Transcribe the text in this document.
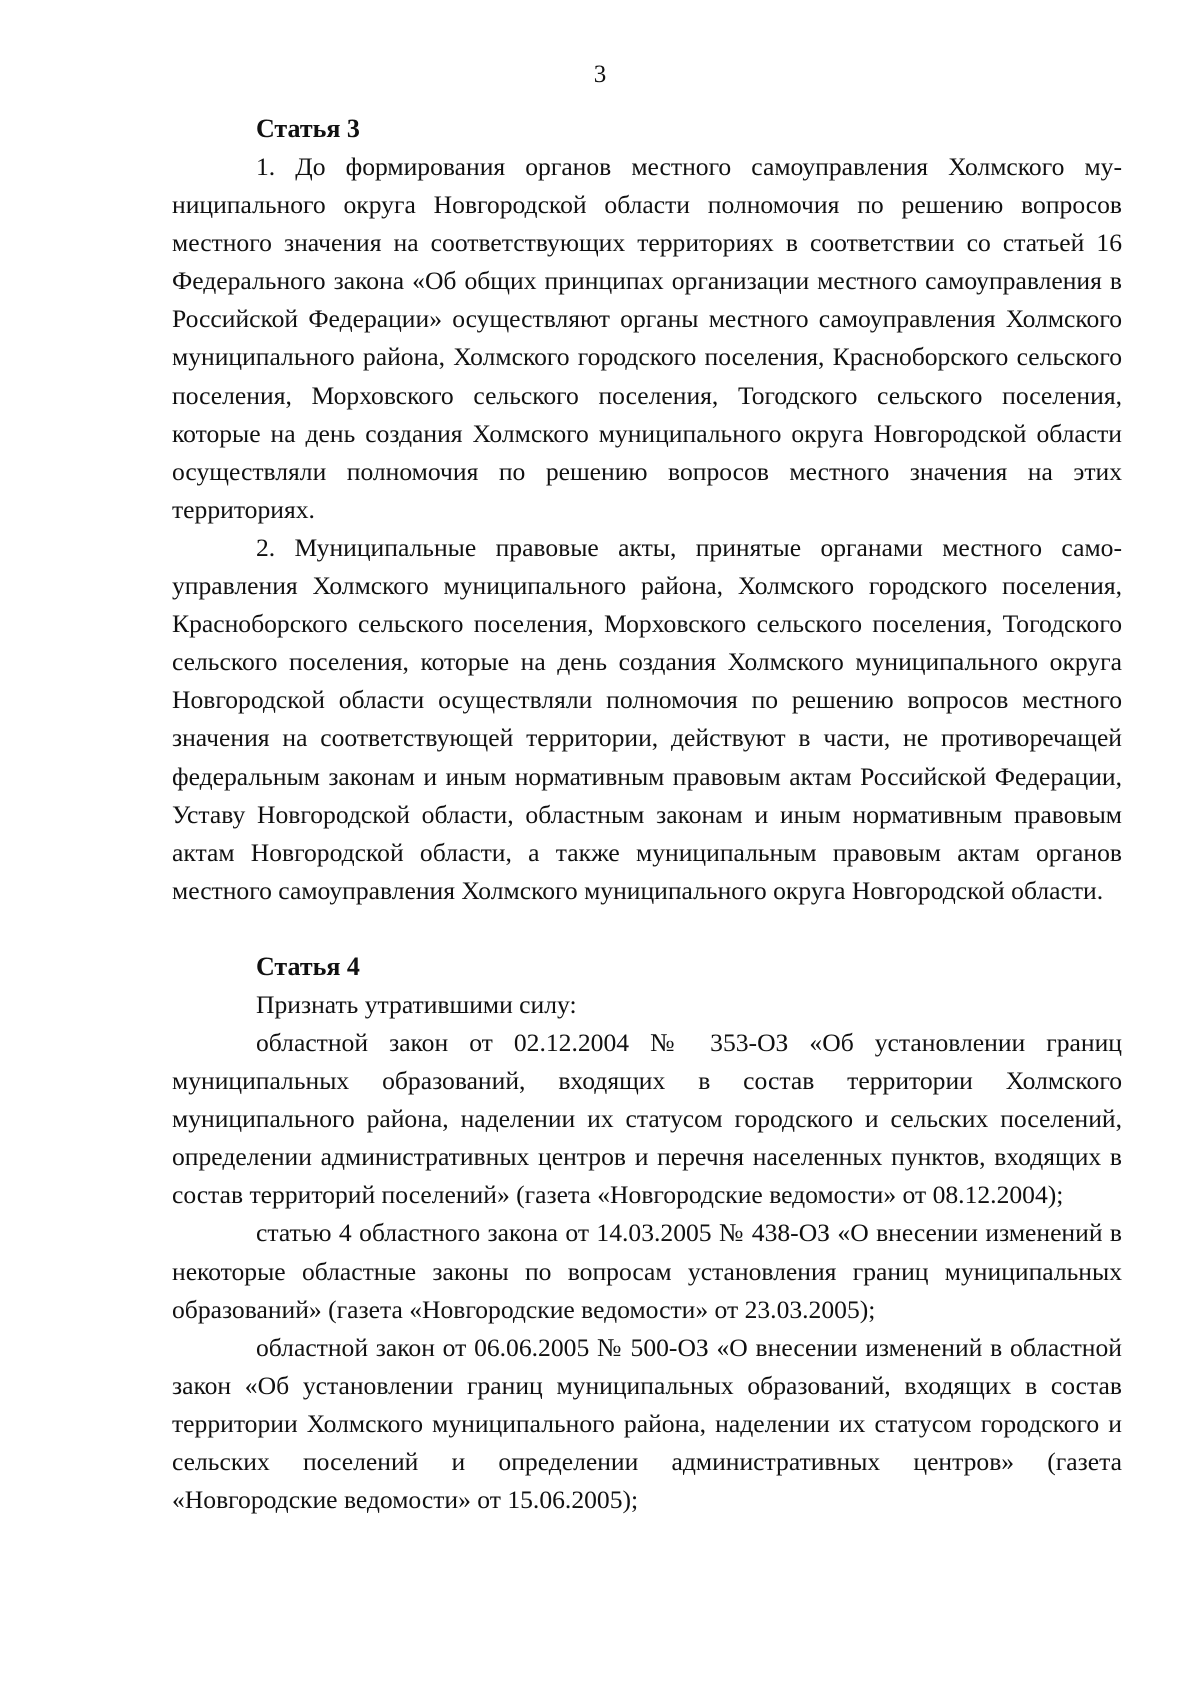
3
Статья 3

1. До формирования органов местного самоуправления Холмского муниципального округа Новгородской области полномочия по решению вопросов местного значения на соответствующих территориях в соответствии со статьей 16 Федерального закона «Об общих принципах организации местного самоуправления в Российской Федерации» осуществляют органы местного самоуправления Холмского муниципального района, Холмского городского поселения, Красноборского сельского поселения, Морховского сельского поселения, Тогодского сельского поселения, которые на день создания Холмского муниципального округа Новгородской области осуществляли полномочия по решению вопросов местного значения на этих территориях.

2. Муниципальные правовые акты, принятые органами местного самоуправления Холмского муниципального района, Холмского городского поселения, Красноборского сельского поселения, Морховского сельского поселения, Тогодского сельского поселения, которые на день создания Холмского муниципального округа Новгородской области осуществляли полномочия по решению вопросов местного значения на соответствующей территории, действуют в части, не противоречащей федеральным законам и иным нормативным правовым актам Российской Федерации, Уставу Новгородской области, областным законам и иным нормативным правовым актам Новгородской области, а также муниципальным правовым актам органов местного самоуправления Холмского муниципального округа Новгородской области.

Статья 4

Признать утратившими силу:

областной закон от 02.12.2004 № 353-ОЗ «Об установлении границ муниципальных образований, входящих в состав территории Холмского муниципального района, наделении их статусом городского и сельских поселений, определении административных центров и перечня населенных пунктов, входящих в состав территорий поселений» (газета «Новгородские ведомости» от 08.12.2004);

статью 4 областного закона от 14.03.2005 № 438-ОЗ «О внесении изменений в некоторые областные законы по вопросам установления границ муниципальных образований» (газета «Новгородские ведомости» от 23.03.2005);

областной закон от 06.06.2005 № 500-ОЗ «О внесении изменений в областной закон «Об установлении границ муниципальных образований, входящих в состав территории Холмского муниципального района, наделении их статусом городского и сельских поселений и определении административных центров» (газета «Новгородские ведомости» от 15.06.2005);
